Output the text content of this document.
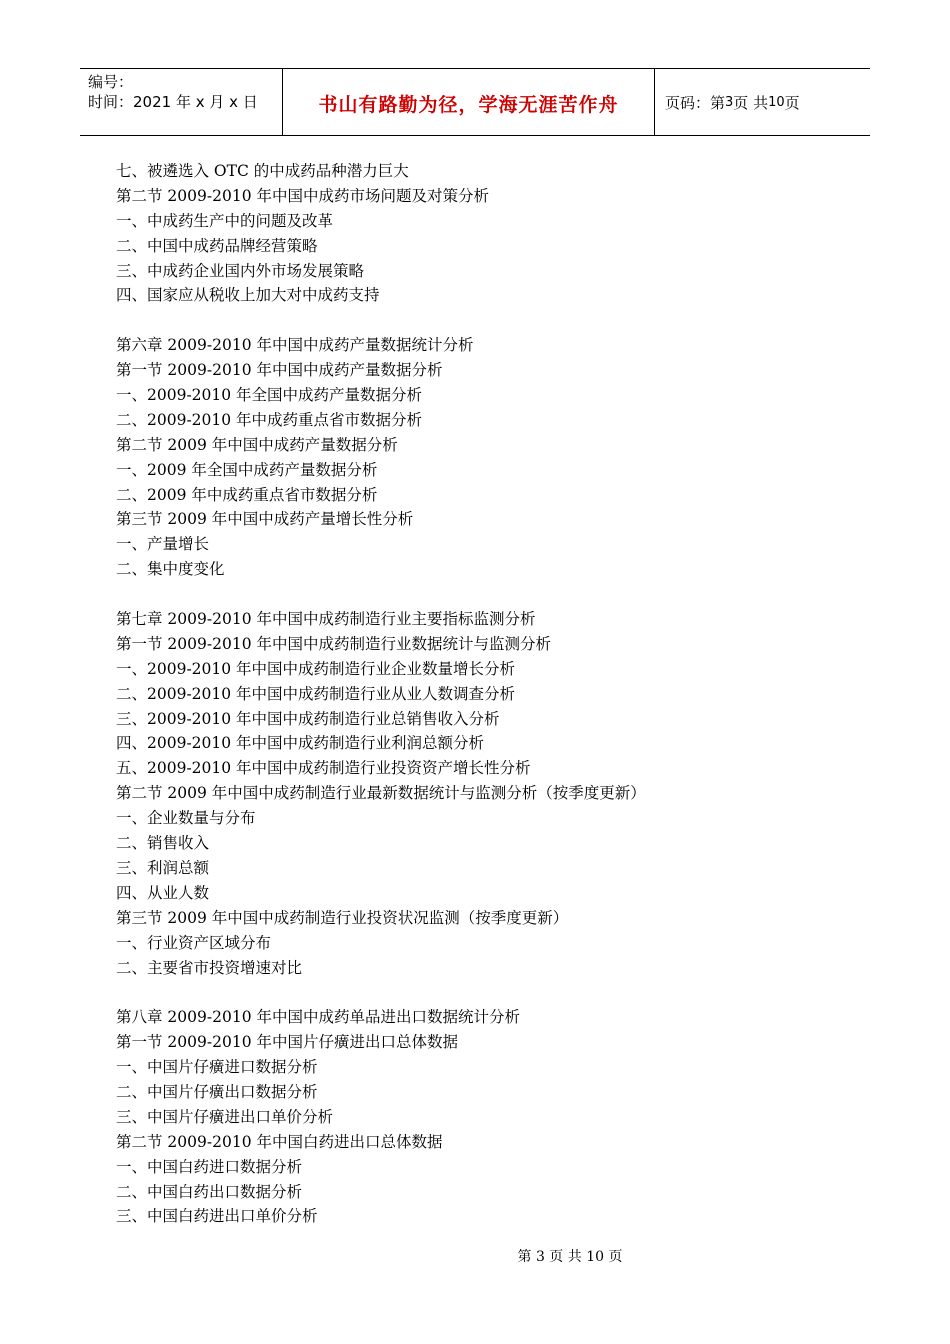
编号：
时间：2021 年 x 月 x 日	书山有路勤为径，学海无涯苦作舟	页码：第 3 页 共 10 页
七、被遴选入 OTC 的中成药品种潜力巨大
第二节 2009-2010 年中国中成药市场问题及对策分析
一、中成药生产中的问题及改革
二、中国中成药品牌经营策略
三、中成药企业国内外市场发展策略
四、国家应从税收上加大对中成药支持
第六章 2009-2010 年中国中成药产量数据统计分析
第一节 2009-2010 年中国中成药产量数据分析
一、2009-2010 年全国中成药产量数据分析
二、2009-2010 年中成药重点省市数据分析
第二节 2009 年中国中成药产量数据分析
一、2009 年全国中成药产量数据分析
二、2009 年中成药重点省市数据分析
第三节 2009 年中国中成药产量增长性分析
一、产量增长
二、集中度变化
第七章 2009-2010 年中国中成药制造行业主要指标监测分析
第一节 2009-2010 年中国中成药制造行业数据统计与监测分析
一、2009-2010 年中国中成药制造行业企业数量增长分析
二、2009-2010 年中国中成药制造行业从业人数调查分析
三、2009-2010 年中国中成药制造行业总销售收入分析
四、2009-2010 年中国中成药制造行业利润总额分析
五、2009-2010 年中国中成药制造行业投资资产增长性分析
第二节 2009 年中国中成药制造行业最新数据统计与监测分析（按季度更新）
一、企业数量与分布
二、销售收入
三、利润总额
四、从业人数
第三节 2009 年中国中成药制造行业投资状况监测（按季度更新）
一、行业资产区域分布
二、主要省市投资增速对比
第八章 2009-2010 年中国中成药单品进出口数据统计分析
第一节 2009-2010 年中国片仔癀进出口总体数据
一、中国片仔癀进口数据分析
二、中国片仔癀出口数据分析
三、中国片仔癀进出口单价分析
第二节 2009-2010 年中国白药进出口总体数据
一、中国白药进口数据分析
二、中国白药出口数据分析
三、中国白药进出口单价分析
第 3 页 共 10 页
